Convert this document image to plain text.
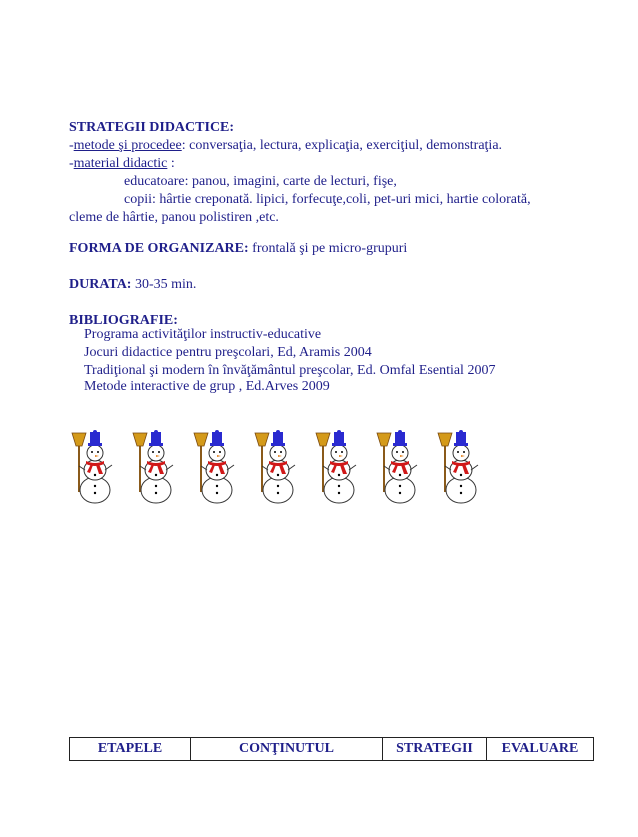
STRATEGII DIDACTICE:
-metode şi procedee: conversaţia, lectura, explicaţia, exerciţiul, demonstraţia.
-material didactic :
educatoare: panou, imagini, carte de lecturi, fişe,
copii: hârtie creponată. lipici, forfecuţe,coli, pet-uri mici, hartie colorată,
cleme de hârtie, panou polistiren ,etc.
FORMA DE ORGANIZARE: frontală şi pe micro-grupuri
DURATA: 30-35 min.
BIBLIOGRAFIE:
Programa activităţilor instructiv-educative
Jocuri didactice pentru preşcolari, Ed, Aramis 2004
Tradiţional şi modern în învăţământul preşcolar, Ed. Omfal Esential 2007
Metode interactive de grup , Ed.Arves 2009
ETAPELE	CONŢINUTUL	STRATEGII	EVALUARE
